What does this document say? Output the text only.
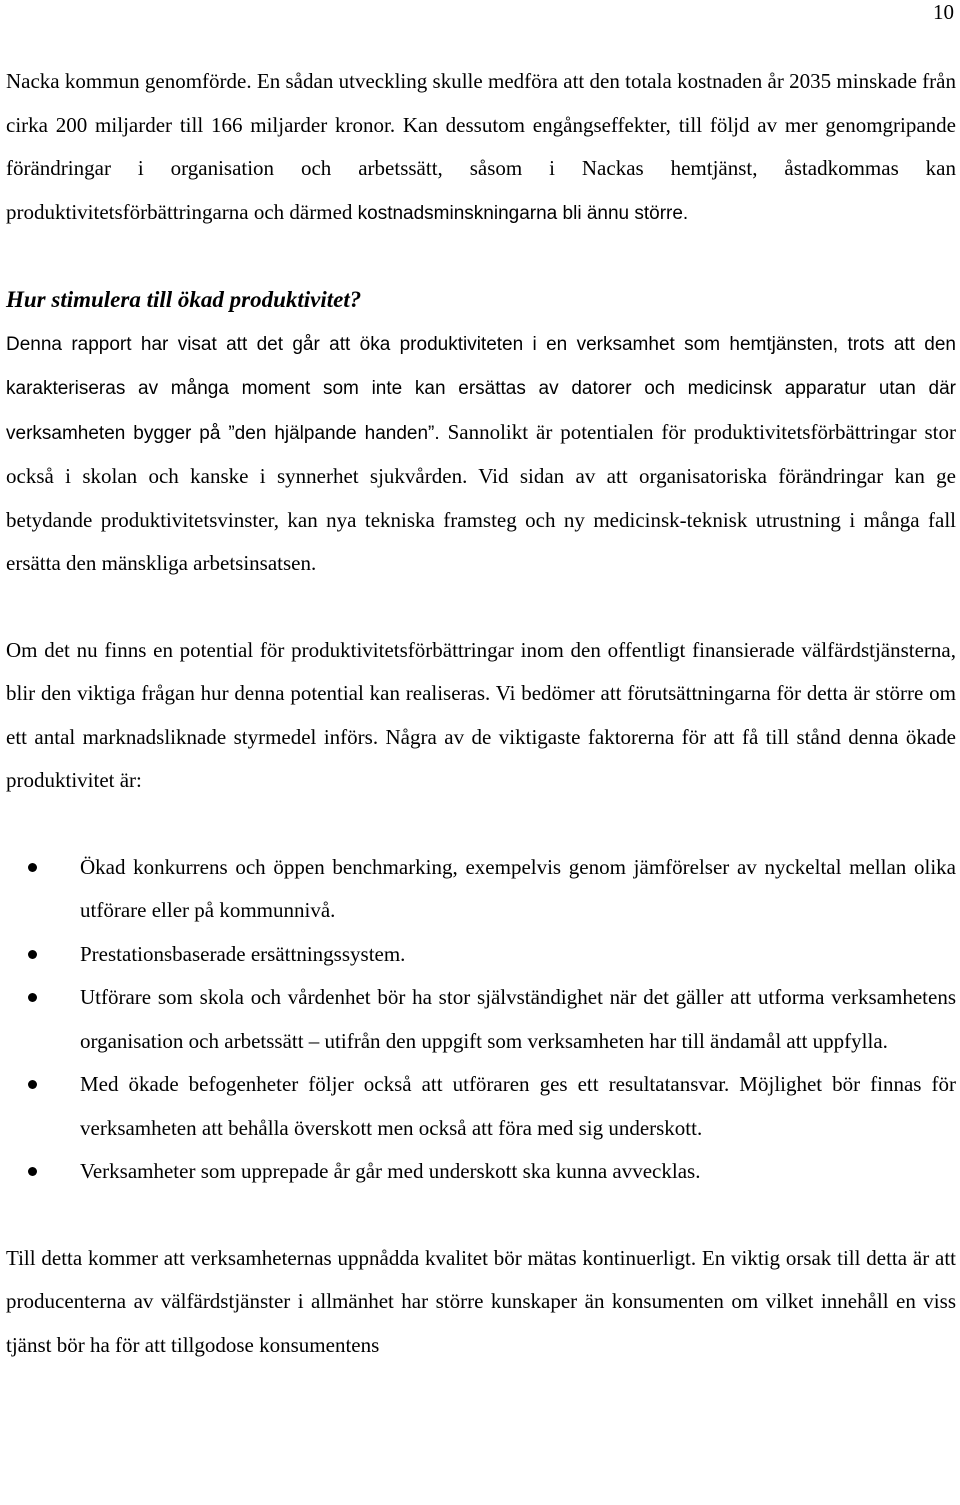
10

Nacka kommun genomförde. En sådan utveckling skulle medföra att den totala kostnaden år 2035 minskade från cirka 200 miljarder till 166 miljarder kronor. Kan dessutom engångseffekter, till följd av mer genomgripande förändringar i organisation och arbetssätt, såsom i Nackas hemtjänst, åstadkommas kan produktivitetsförbättringarna och därmed kostnadsminskningarna bli ännu större.

Hur stimulera till ökad produktivitet?

Denna rapport har visat att det går att öka produktiviteten i en verksamhet som hemtjänsten, trots att den karakteriseras av många moment som inte kan ersättas av datorer och medicinsk apparatur utan där verksamheten bygger på ”den hjälpande handen”. Sannolikt är potentialen för produktivitetsförbättringar stor också i skolan och kanske i synnerhet sjukvården. Vid sidan av att organisatoriska förändringar kan ge betydande produktivitetsvinster, kan nya tekniska framsteg och ny medicinsk-teknisk utrustning i många fall ersätta den mänskliga arbetsinsatsen.

Om det nu finns en potential för produktivitetsförbättringar inom den offentligt finansierade välfärdstjänsterna, blir den viktiga frågan hur denna potential kan realiseras. Vi bedömer att förutsättningarna för detta är större om ett antal marknadsliknade styrmedel införs. Några av de viktigaste faktorerna för att få till stånd denna ökade produktivitet är:

Ökad konkurrens och öppen benchmarking, exempelvis genom jämförelser av nyckeltal mellan olika utförare eller på kommunnivå.
Prestationsbaserade ersättningssystem.
Utförare som skola och vårdenhet bör ha stor självständighet när det gäller att utforma verksamhetens organisation och arbetssätt – utifrån den uppgift som verksamheten har till ändamål att uppfylla.
Med ökade befogenheter följer också att utföraren ges ett resultatansvar. Möjlighet bör finnas för verksamheten att behålla överskott men också att föra med sig underskott.
Verksamheter som upprepade år går med underskott ska kunna avvecklas.

Till detta kommer att verksamheternas uppnådda kvalitet bör mätas kontinuerligt. En viktig orsak till detta är att producenterna av välfärdstjänster i allmänhet har större kunskaper än konsumenten om vilket innehåll en viss tjänst bör ha för att tillgodose konsumentens
